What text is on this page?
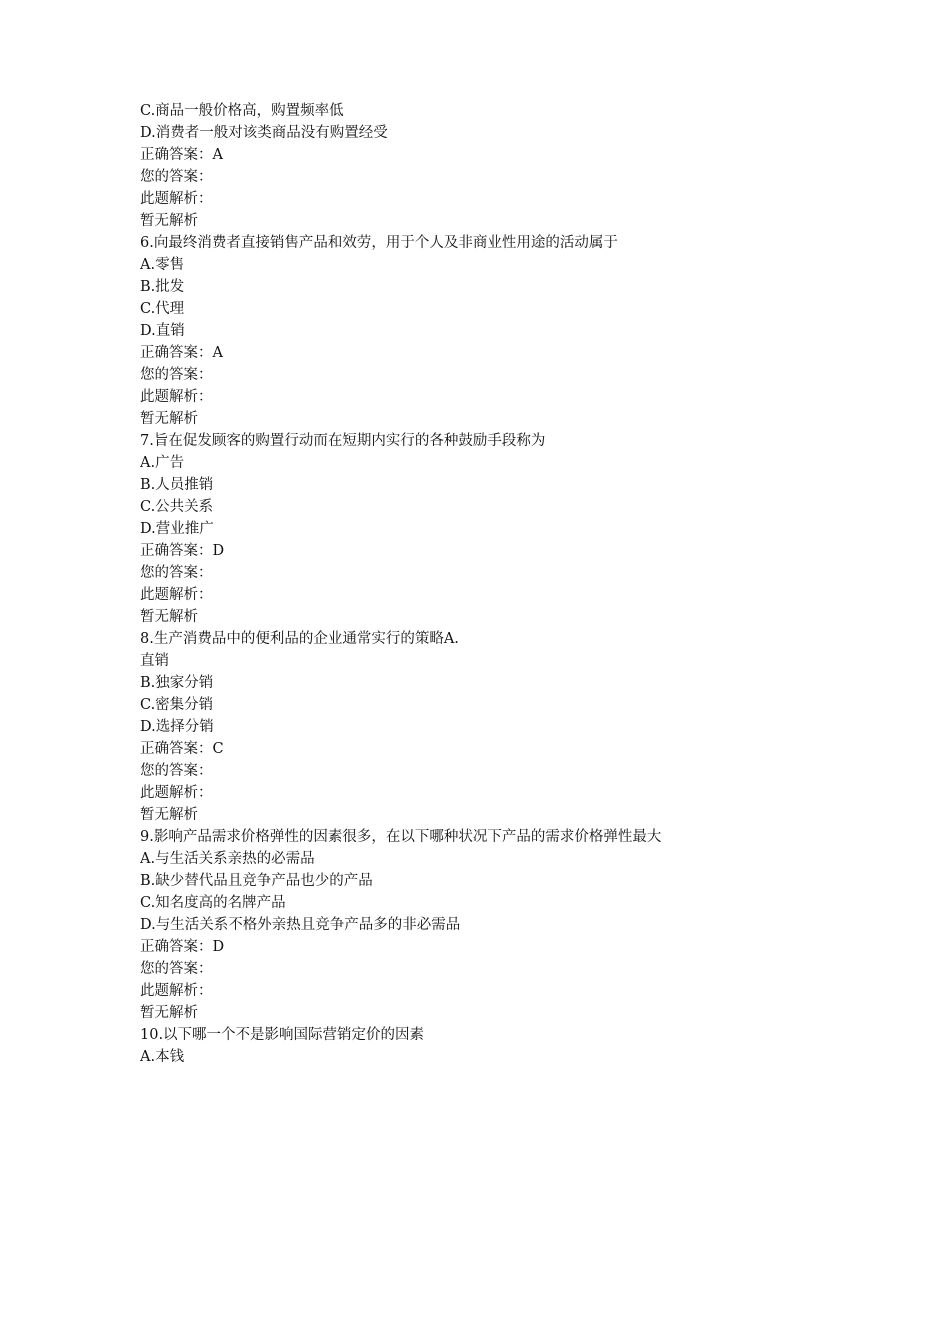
C.商品一般价格高，购置频率低
D.消费者一般对该类商品没有购置经受
正确答案：A
您的答案：
此题解析：
暂无解析
6.向最终消费者直接销售产品和效劳，用于个人及非商业性用途的活动属于
A.零售
B.批发
C.代理
D.直销
正确答案：A
您的答案：
此题解析：
暂无解析
7.旨在促发顾客的购置行动而在短期内实行的各种鼓励手段称为
A.广告
B.人员推销
C.公共关系
D.营业推广
正确答案：D
您的答案：
此题解析：
暂无解析
8.生产消费品中的便利品的企业通常实行的策略A.
直销
B.独家分销
C.密集分销
D.选择分销
正确答案：C
您的答案：
此题解析：
暂无解析
9.影响产品需求价格弹性的因素很多，在以下哪种状况下产品的需求价格弹性最大
A.与生活关系亲热的必需品
B.缺少替代品且竞争产品也少的产品
C.知名度高的名牌产品
D.与生活关系不格外亲热且竞争产品多的非必需品
正确答案：D
您的答案：
此题解析：
暂无解析
10.以下哪一个不是影响国际营销定价的因素
A.本钱
